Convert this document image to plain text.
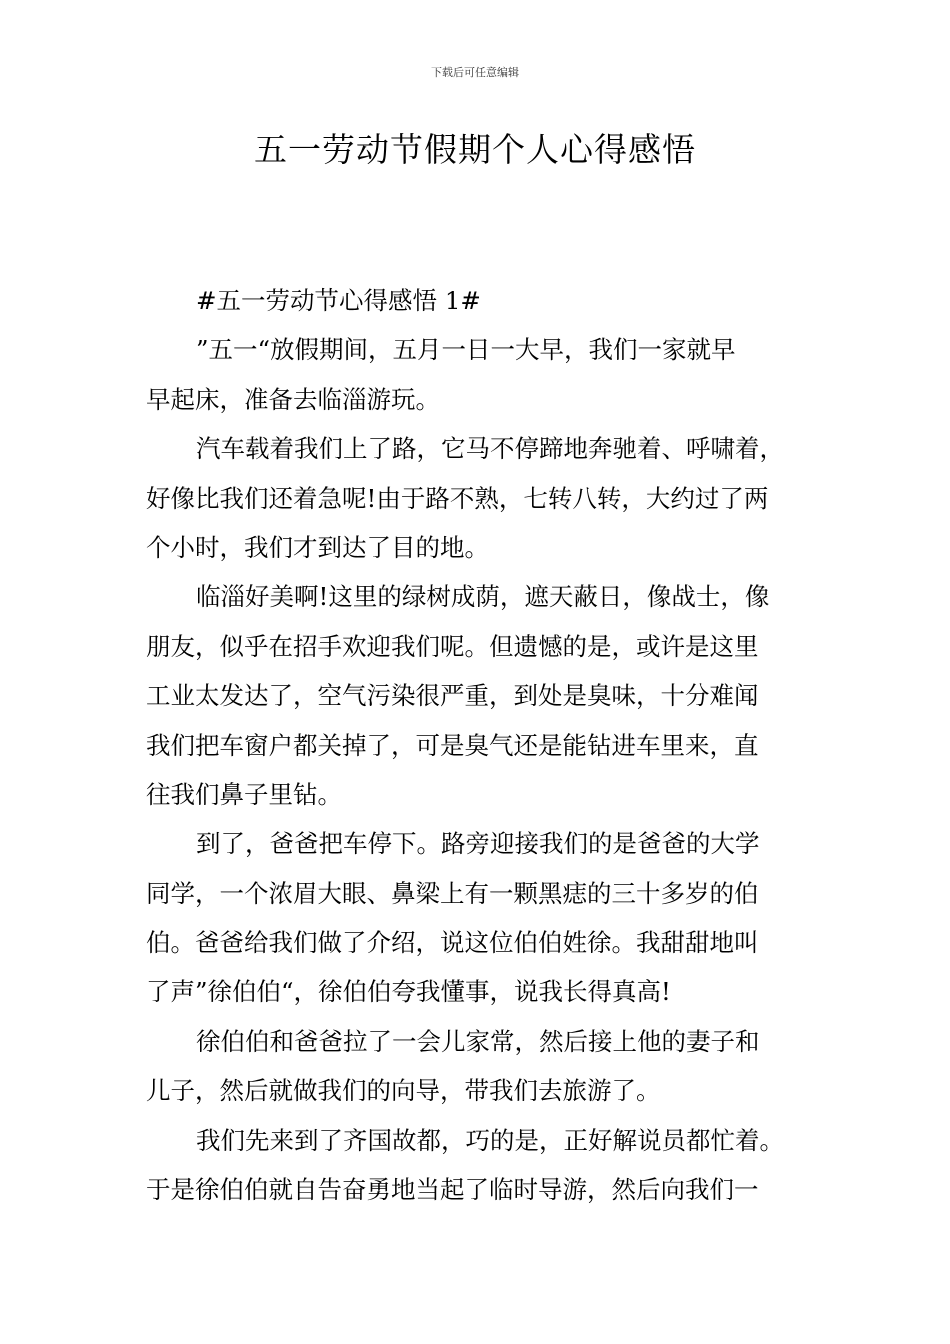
下载后可任意编辑
五一劳动节假期个人心得感悟
#五一劳动节心得感悟 1#
”五一“放假期间，五月一日一大早，我们一家就早
早起床，准备去临淄游玩。
汽车载着我们上了路，它马不停蹄地奔驰着、呼啸着，
好像比我们还着急呢!由于路不熟，七转八转，大约过了两
个小时，我们才到达了目的地。
临淄好美啊!这里的绿树成荫，遮天蔽日，像战士，像
朋友，似乎在招手欢迎我们呢。但遗憾的是，或许是这里
工业太发达了，空气污染很严重，到处是臭味，十分难闻
我们把车窗户都关掉了，可是臭气还是能钻进车里来，直
往我们鼻子里钻。
到了，爸爸把车停下。路旁迎接我们的是爸爸的大学
同学，一个浓眉大眼、鼻梁上有一颗黑痣的三十多岁的伯
伯。爸爸给我们做了介绍，说这位伯伯姓徐。我甜甜地叫
了声”徐伯伯“，徐伯伯夸我懂事，说我长得真高!
徐伯伯和爸爸拉了一会儿家常，然后接上他的妻子和
儿子，然后就做我们的向导，带我们去旅游了。
我们先来到了齐国故都，巧的是，正好解说员都忙着。
于是徐伯伯就自告奋勇地当起了临时导游，然后向我们一
